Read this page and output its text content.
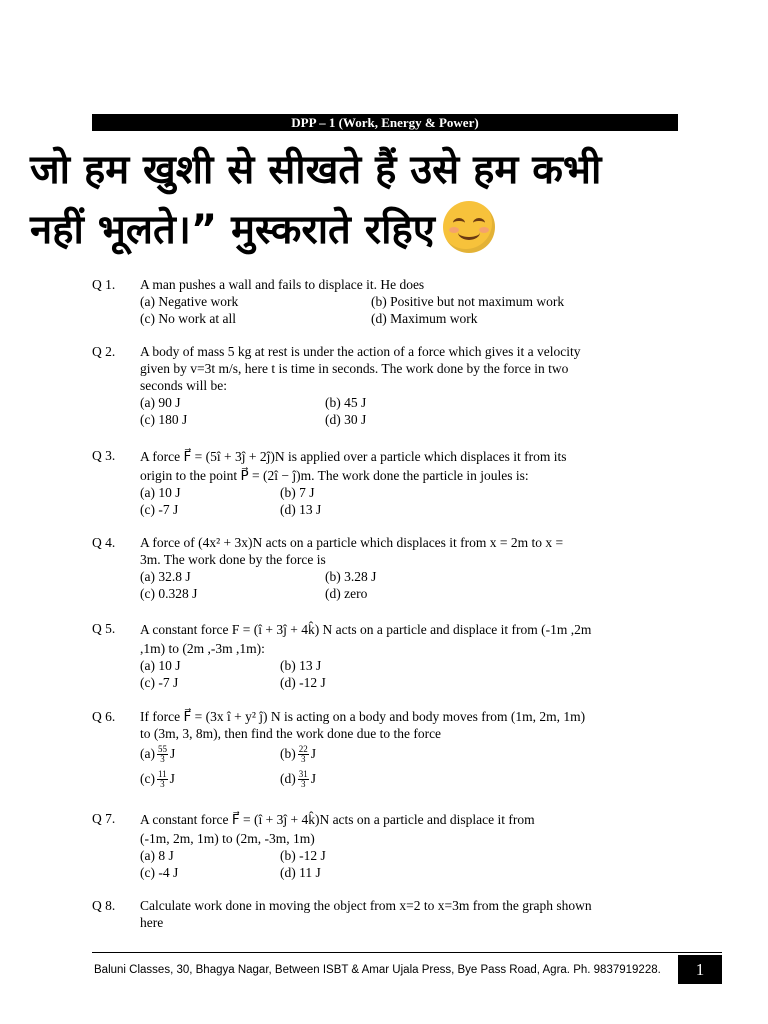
DPP – 1 (Work, Energy & Power)
जो हम खुशी से सीखते हैं उसे हम कभी
नहीं भूलते।” मुस्कराते रहिए
Q 1.	A man pushes a wall and fails to displace it. He does
(a) Negative work	(b) Positive but not maximum work
(c) No work at all	(d) Maximum work
Q 2.	A body of mass 5 kg at rest is under the action of a force which gives it a velocity
given by v=3t m/s, here t is time in seconds. The work done by the force in two
seconds will be:
(a) 90 J	(b) 45 J
(c) 180 J	(d) 30 J
Q 3.	A force F⃗ = (5î + 3ĵ + 2ĵ)N is applied over a particle which displaces it from its
origin to the point P⃗ = (2î − ĵ)m. The work done the particle in joules is:
(a) 10 J	(b) 7 J
(c) -7 J	(d) 13 J
Q 4.	A force of (4x² + 3x)N acts on a particle which displaces it from x = 2m to x =
3m. The work done by the force is
(a) 32.8 J	(b) 3.28 J
(c) 0.328 J	(d) zero
Q 5.	A constant force F = (î + 3ĵ + 4k̂) N acts on a particle and displace it from (-1m ,2m
,1m) to (2m ,-3m ,1m):
(a) 10 J	(b) 13 J
(c) -7 J	(d) -12 J
Q 6.	If force F⃗ = (3x î + y² ĵ) N is acting on a body and body moves from (1m, 2m, 1m)
to (3m, 3, 8m), then find the work done due to the force
$(a) \frac{55}{3}$ J	$(b) \frac{22}{3}$ J
$(c) \frac{11}{3}$ J	$(d) \frac{31}{3}$ J
Q 7.	A constant force F⃗ = (î + 3ĵ + 4k̂)N acts on a particle and displace it from
(-1m, 2m, 1m) to (2m, -3m, 1m)
(a) 8 J	(b) -12 J
(c) -4 J	(d) 11 J
Q 8.	Calculate work done in moving the object from x=2 to x=3m from the graph shown
here
Baluni Classes, 30, Bhagya Nagar, Between ISBT & Amar Ujala Press, Bye Pass Road, Agra. Ph. 9837919228.	1
